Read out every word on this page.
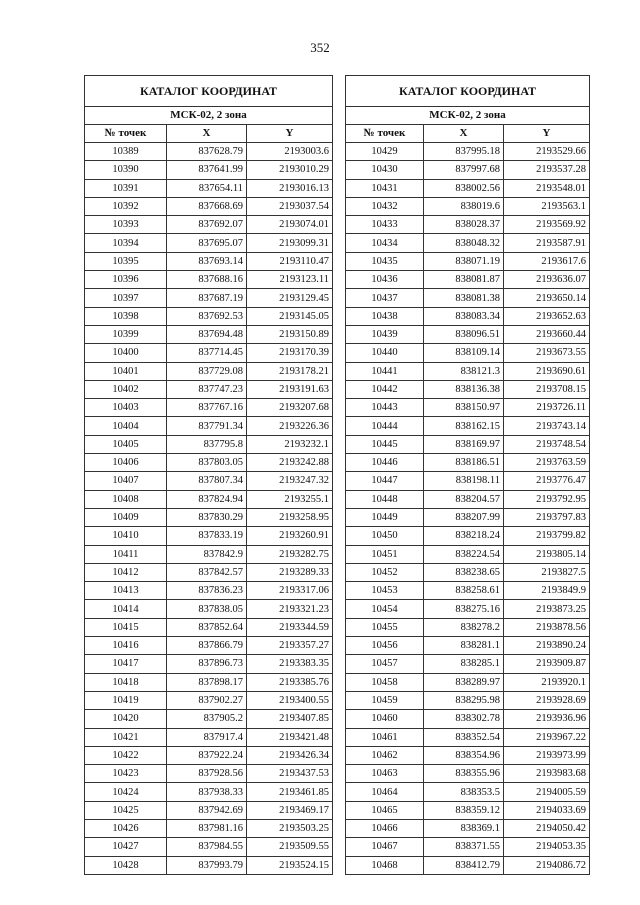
352
КАТАЛОГ КООРДИНАТ		
МСК-02, 2 зона		
№ точек	X	Y
10389	837628.79	2193003.6
10390	837641.99	2193010.29
10391	837654.11	2193016.13
10392	837668.69	2193037.54
10393	837692.07	2193074.01
10394	837695.07	2193099.31
10395	837693.14	2193110.47
10396	837688.16	2193123.11
10397	837687.19	2193129.45
10398	837692.53	2193145.05
10399	837694.48	2193150.89
10400	837714.45	2193170.39
10401	837729.08	2193178.21
10402	837747.23	2193191.63
10403	837767.16	2193207.68
10404	837791.34	2193226.36
10405	837795.8	2193232.1
10406	837803.05	2193242.88
10407	837807.34	2193247.32
10408	837824.94	2193255.1
10409	837830.29	2193258.95
10410	837833.19	2193260.91
10411	837842.9	2193282.75
10412	837842.57	2193289.33
10413	837836.23	2193317.06
10414	837838.05	2193321.23
10415	837852.64	2193344.59
10416	837866.79	2193357.27
10417	837896.73	2193383.35
10418	837898.17	2193385.76
10419	837902.27	2193400.55
10420	837905.2	2193407.85
10421	837917.4	2193421.48
10422	837922.24	2193426.34
10423	837928.56	2193437.53
10424	837938.33	2193461.85
10425	837942.69	2193469.17
10426	837981.16	2193503.25
10427	837984.55	2193509.55
10428	837993.79	2193524.15
КАТАЛОГ КООРДИНАТ		
МСК-02, 2 зона		
№ точек	X	Y
10429	837995.18	2193529.66
10430	837997.68	2193537.28
10431	838002.56	2193548.01
10432	838019.6	2193563.1
10433	838028.37	2193569.92
10434	838048.32	2193587.91
10435	838071.19	2193617.6
10436	838081.87	2193636.07
10437	838081.38	2193650.14
10438	838083.34	2193652.63
10439	838096.51	2193660.44
10440	838109.14	2193673.55
10441	838121.3	2193690.61
10442	838136.38	2193708.15
10443	838150.97	2193726.11
10444	838162.15	2193743.14
10445	838169.97	2193748.54
10446	838186.51	2193763.59
10447	838198.11	2193776.47
10448	838204.57	2193792.95
10449	838207.99	2193797.83
10450	838218.24	2193799.82
10451	838224.54	2193805.14
10452	838238.65	2193827.5
10453	838258.61	2193849.9
10454	838275.16	2193873.25
10455	838278.2	2193878.56
10456	838281.1	2193890.24
10457	838285.1	2193909.87
10458	838289.97	2193920.1
10459	838295.98	2193928.69
10460	838302.78	2193936.96
10461	838352.54	2193967.22
10462	838354.96	2193973.99
10463	838355.96	2193983.68
10464	838353.5	2194005.59
10465	838359.12	2194033.69
10466	838369.1	2194050.42
10467	838371.55	2194053.35
10468	838412.79	2194086.72
